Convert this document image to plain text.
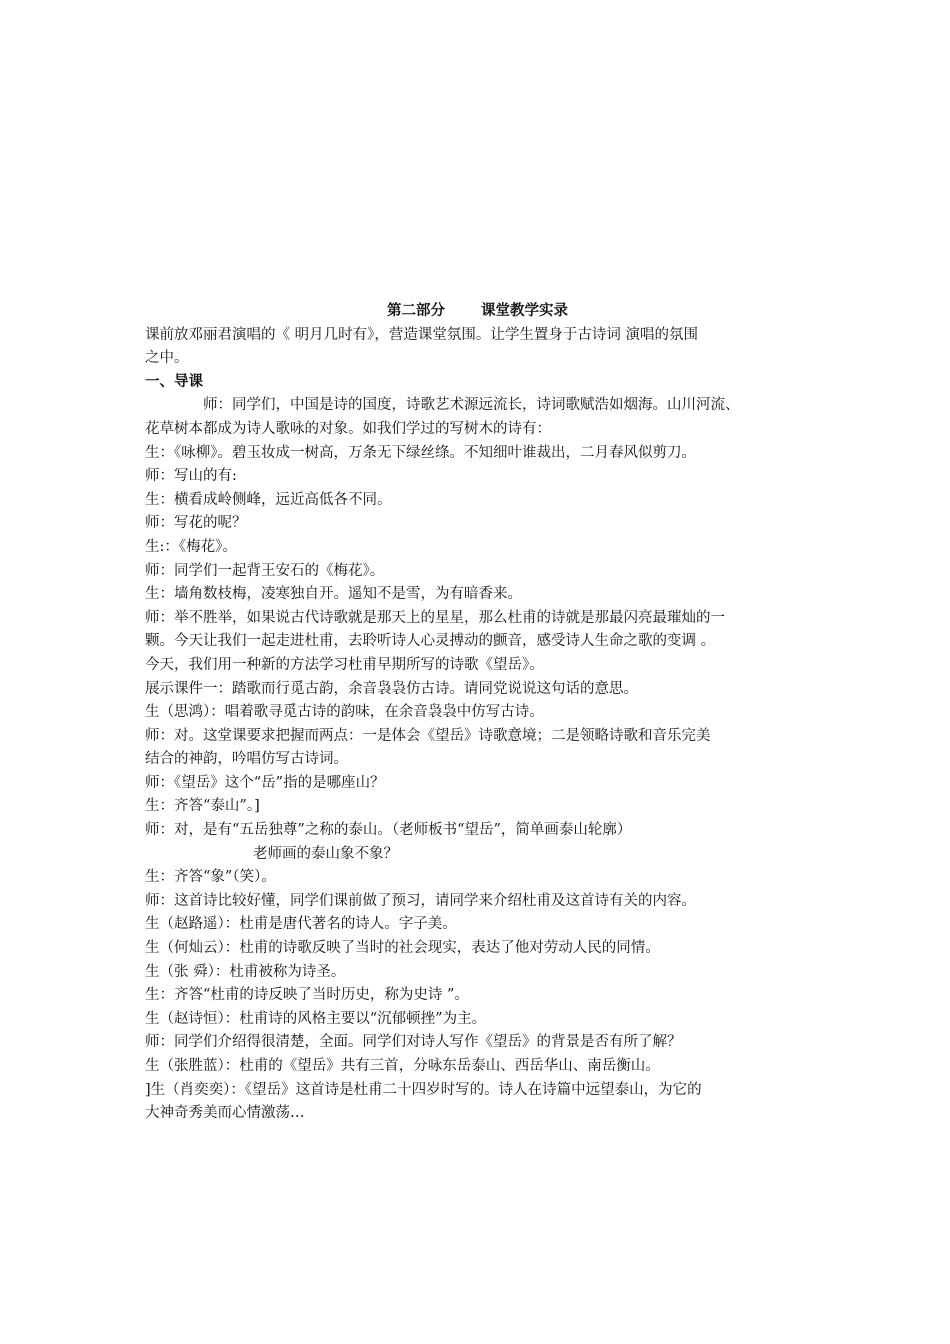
第二部分 课堂教学实录
课前放邓丽君演唱的《 明月几时有》，营造课堂氛围。让学生置身于古诗词 演唱的氛围
之中。
一、导课
师：同学们，中国是诗的国度，诗歌艺术源远流长，诗词歌赋浩如烟海。山川河流、
花草树本都成为诗人歌咏的对象。如我们学过的写树木的诗有：
生：《咏柳》。碧玉妆成一树高，万条无下绿丝绦。不知细叶谁裁出，二月春风似剪刀。
师：写山的有:
生：横看成岭侧峰，远近高低各不同。
师：写花的呢？
生:：《梅花》。
师：同学们一起背王安石的《梅花》。
生：墙角数枝梅，凌寒独自开。遥知不是雪，为有暗香来。
师：举不胜举，如果说古代诗歌就是那天上的星星，那么杜甫的诗就是那最闪亮最璀灿的一
颗。今天让我们一起走进杜甫，去聆听诗人心灵搏动的颤音，感受诗人生命之歌的变调 。
今天，我们用一种新的方法学习杜甫早期所写的诗歌《望岳》。
展示课件一：踏歌而行觅古韵，余音袅袅仿古诗。请同党说说这句话的意思。
生（思鸿）：唱着歌寻觅古诗的韵味，在余音袅袅中仿写古诗。
师：对。这堂课要求把握而两点：一是体会《望岳》诗歌意境；二是领略诗歌和音乐完美
结合的神韵，吟唱仿写古诗词。
师：《望岳》这个“岳”指的是哪座山？
生：齐答“泰山”。]
师：对，是有“五岳独尊”之称的泰山。（老师板书“望岳”，简单画泰山轮廓）
老师画的泰山象不象？
生：齐答“象”（笑）。
师：这首诗比较好懂，同学们课前做了预习，请同学来介绍杜甫及这首诗有关的内容。
生（赵路遥）：杜甫是唐代著名的诗人。字子美。
生（何灿云）：杜甫的诗歌反映了当时的社会现实，表达了他对劳动人民的同情。
生（张 舜）：杜甫被称为诗圣。
生：齐答“杜甫的诗反映了当时历史，称为史诗 ”。
生（赵诗恒）：杜甫诗的风格主要以“沉郁顿挫”为主。
师：同学们介绍得很清楚，全面。同学们对诗人写作《望岳》的背景是否有所了解？
生（张胜蓝）：杜甫的《望岳》共有三首，分咏东岳泰山、西岳华山、南岳衡山。
]生（肖奕奕）：《望岳》这首诗是杜甫二十四岁时写的。诗人在诗篇中远望泰山，为它的
大神奇秀美而心情激荡…
